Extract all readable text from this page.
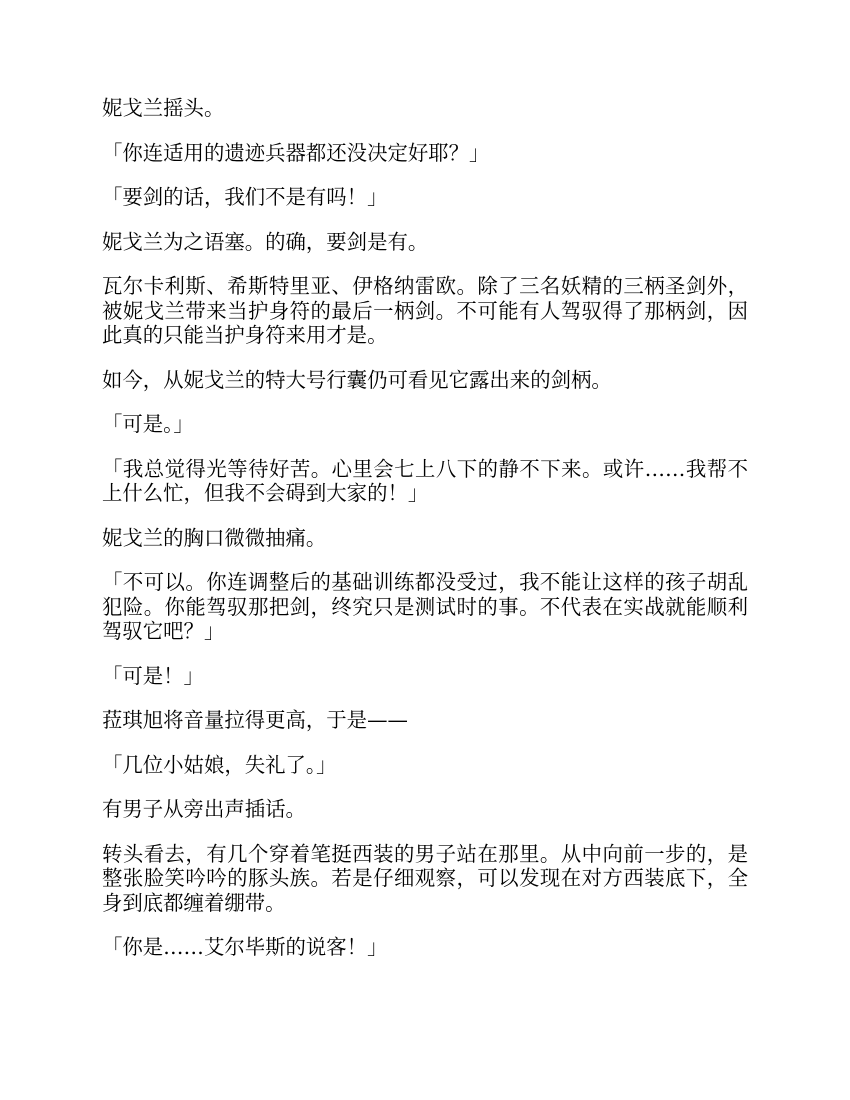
妮戈兰摇头。

「你连适用的遗迹兵器都还没决定好耶？」

「要剑的话，我们不是有吗！」

妮戈兰为之语塞。的确，要剑是有。

瓦尔卡利斯、希斯特里亚、伊格纳雷欧。除了三名妖精的三柄圣剑外，被妮戈兰带来当护身符的最后一柄剑。不可能有人驾驭得了那柄剑，因此真的只能当护身符来用才是。

如今，从妮戈兰的特大号行囊仍可看见它露出来的剑柄。

「可是。」

「我总觉得光等待好苦。心里会七上八下的静不下来。或许……我帮不上什么忙，但我不会碍到大家的！」

妮戈兰的胸口微微抽痛。

「不可以。你连调整后的基础训练都没受过，我不能让这样的孩子胡乱犯险。你能驾驭那把剑，终究只是测试时的事。不代表在实战就能顺利驾驭它吧？」

「可是！」

菈琪旭将音量拉得更高，于是——

「几位小姑娘，失礼了。」

有男子从旁出声插话。

转头看去，有几个穿着笔挺西装的男子站在那里。从中向前一步的，是整张脸笑吟吟的豚头族。若是仔细观察，可以发现在对方西装底下，全身到底都缠着绷带。

「你是……艾尔毕斯的说客！」
